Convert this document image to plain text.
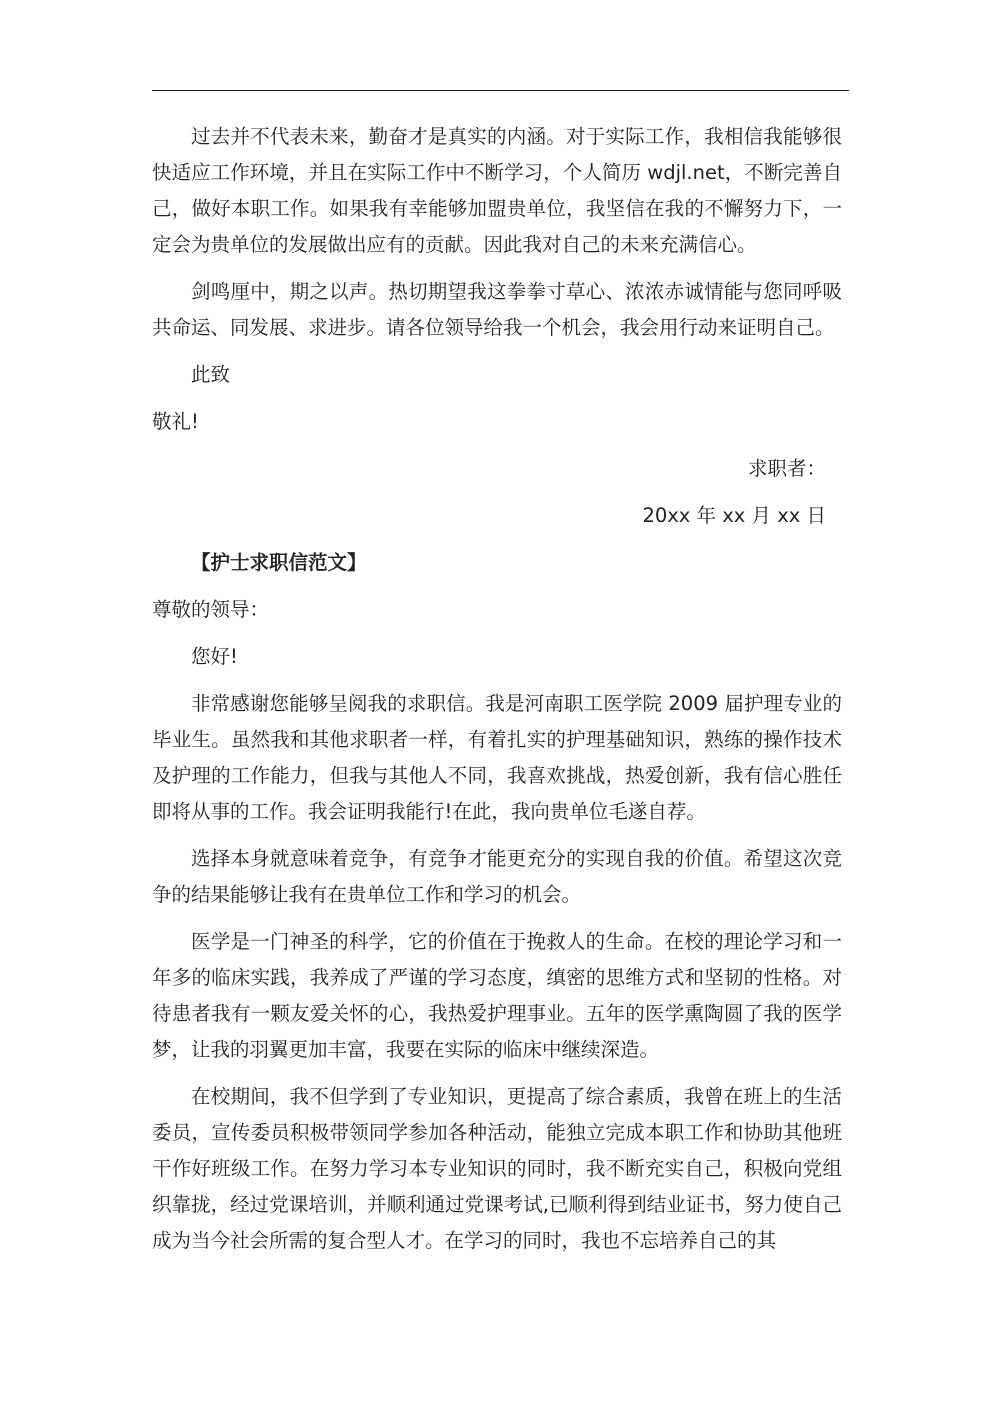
过去并不代表未来，勤奋才是真实的内涵。对于实际工作，我相信我能够很快适应工作环境，并且在实际工作中不断学习，个人简历 wdjl.net，不断完善自己，做好本职工作。如果我有幸能够加盟贵单位，我坚信在我的不懈努力下，一定会为贵单位的发展做出应有的贡献。因此我对自己的未来充满信心。

剑鸣厘中，期之以声。热切期望我这拳拳寸草心、浓浓赤诚情能与您同呼吸共命运、同发展、求进步。请各位领导给我一个机会，我会用行动来证明自己。

此致

敬礼!

求职者：

20xx 年 xx 月 xx 日

【护士求职信范文】

尊敬的领导：

您好!

非常感谢您能够呈阅我的求职信。我是河南职工医学院 2009 届护理专业的毕业生。虽然我和其他求职者一样，有着扎实的护理基础知识，熟练的操作技术及护理的工作能力，但我与其他人不同，我喜欢挑战，热爱创新，我有信心胜任即将从事的工作。我会证明我能行!在此，我向贵单位毛遂自荐。

选择本身就意味着竞争，有竞争才能更充分的实现自我的价值。希望这次竞争的结果能够让我有在贵单位工作和学习的机会。

医学是一门神圣的科学，它的价值在于挽救人的生命。在校的理论学习和一年多的临床实践，我养成了严谨的学习态度，缜密的思维方式和坚韧的性格。对待患者我有一颗友爱关怀的心，我热爱护理事业。五年的医学熏陶圆了我的医学梦，让我的羽翼更加丰富，我要在实际的临床中继续深造。

在校期间，我不但学到了专业知识，更提高了综合素质，我曾在班上的生活委员，宣传委员积极带领同学参加各种活动，能独立完成本职工作和协助其他班干作好班级工作。在努力学习本专业知识的同时，我不断充实自己，积极向党组织靠拢，经过党课培训，并顺利通过党课考试,已顺利得到结业证书，努力使自己成为当今社会所需的复合型人才。在学习的同时，我也不忘培养自己的其
